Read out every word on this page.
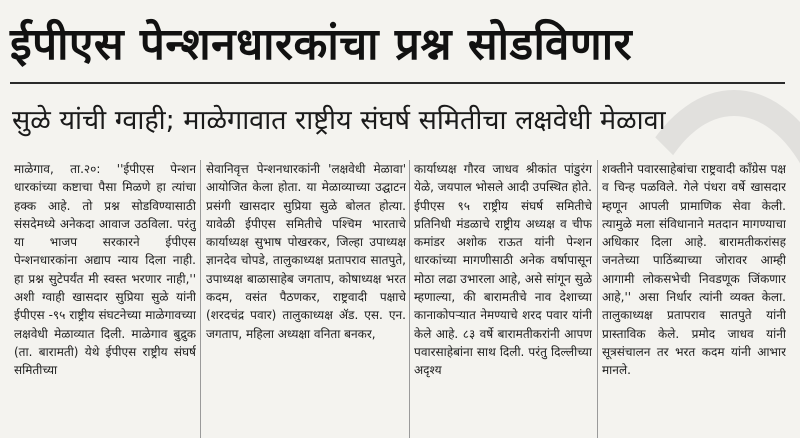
ईपीएस पेन्शनधारकांचा प्रश्न सोडविणार
सुळे यांची ग्वाही; माळेगावात राष्ट्रीय संघर्ष समितीचा लक्षवेधी मेळावा

माळेगाव, ता.२०: ''ईपीएस पेन्शन धारकांच्या कष्टाचा पैसा मिळणे हा त्यांचा हक्क आहे. तो प्रश्न सोडविण्यासाठी संसदेमध्ये अनेकदा आवाज उठविला. परंतु या भाजप सरकारने ईपीएस पेन्शनधारकांना अद्याप न्याय दिला नाही. हा प्रश्न सुटेपर्यंत मी स्वस्त भरणार नाही,'' अशी ग्वाही खासदार सुप्रिया सुळे यांनी ईपीएस -९५ राष्ट्रीय संघटनेच्या माळेगावच्या लक्षवेधी मेळाव्यात दिली. माळेगाव बुद्रुक (ता. बारामती) येथे ईपीएस राष्ट्रीय संघर्ष समितीच्या

सेवानिवृत्त पेन्शनधारकांनी 'लक्षवेधी मेळावा' आयोजित केला होता. या मेळाव्याच्या उद्घाटन प्रसंगी खासदार सुप्रिया सुळे बोलत होत्या. यावेळी ईपीएस समितीचे पश्चिम भारताचे कार्याध्यक्ष सुभाष पोखरकर, जिल्हा उपाध्यक्ष ज्ञानदेव चोपडे, तालुकाध्यक्ष प्रतापराव सातपुते, उपाध्यक्ष बाळासाहेब जगताप, कोषाध्यक्ष भरत कदम, वसंत पैठणकर, राष्ट्रवादी पक्षाचे (शरदचंद्र पवार) तालुकाध्यक्ष ॲड. एस. एन. जगताप, महिला अध्यक्षा वनिता बनकर,

कार्याध्यक्ष गौरव जाधव श्रीकांत पांडुरंग येळे, जयपाल भोसले आदी उपस्थित होते. ईपीएस ९५ राष्ट्रीय संघर्ष समितीचे प्रतिनिधी मंडळाचे राष्ट्रीय अध्यक्ष व चीफ कमांडर अशोक राऊत यांनी पेन्शन धारकांच्या मागणीसाठी अनेक वर्षापासून मोठा लढा उभारला आहे, असे सांगून सुळे म्हणाल्या, की बारामतीचे नाव देशाच्या कानाकोपऱ्यात नेमण्याचे शरद पवार यांनी केले आहे. ८३ वर्षे बारामतीकरांनी आपण पवारसाहेबांना साथ दिली. परंतु दिल्लीच्या अदृश्य

शक्तीने पवारसाहेबांचा राष्ट्रवादी कॉंग्रेस पक्ष व चिन्ह पळविले. गेले पंधरा वर्षे खासदार म्हणून आपली प्रामाणिक सेवा केली. त्यामुळे मला संविधानाने मतदान मागण्याचा अधिकार दिला आहे. बारामतीकरांसह जनतेच्या पाठिंब्याच्या जोरावर आम्ही आगामी लोकसभेची निवडणूक जिंकणार आहे,'' असा निर्धार त्यांनी व्यक्त केला. तालुकाध्यक्ष प्रतापराव सातपुते यांनी प्रास्ताविक केले. प्रमोद जाधव यांनी सूत्रसंचालन तर भरत कदम यांनी आभार मानले.
